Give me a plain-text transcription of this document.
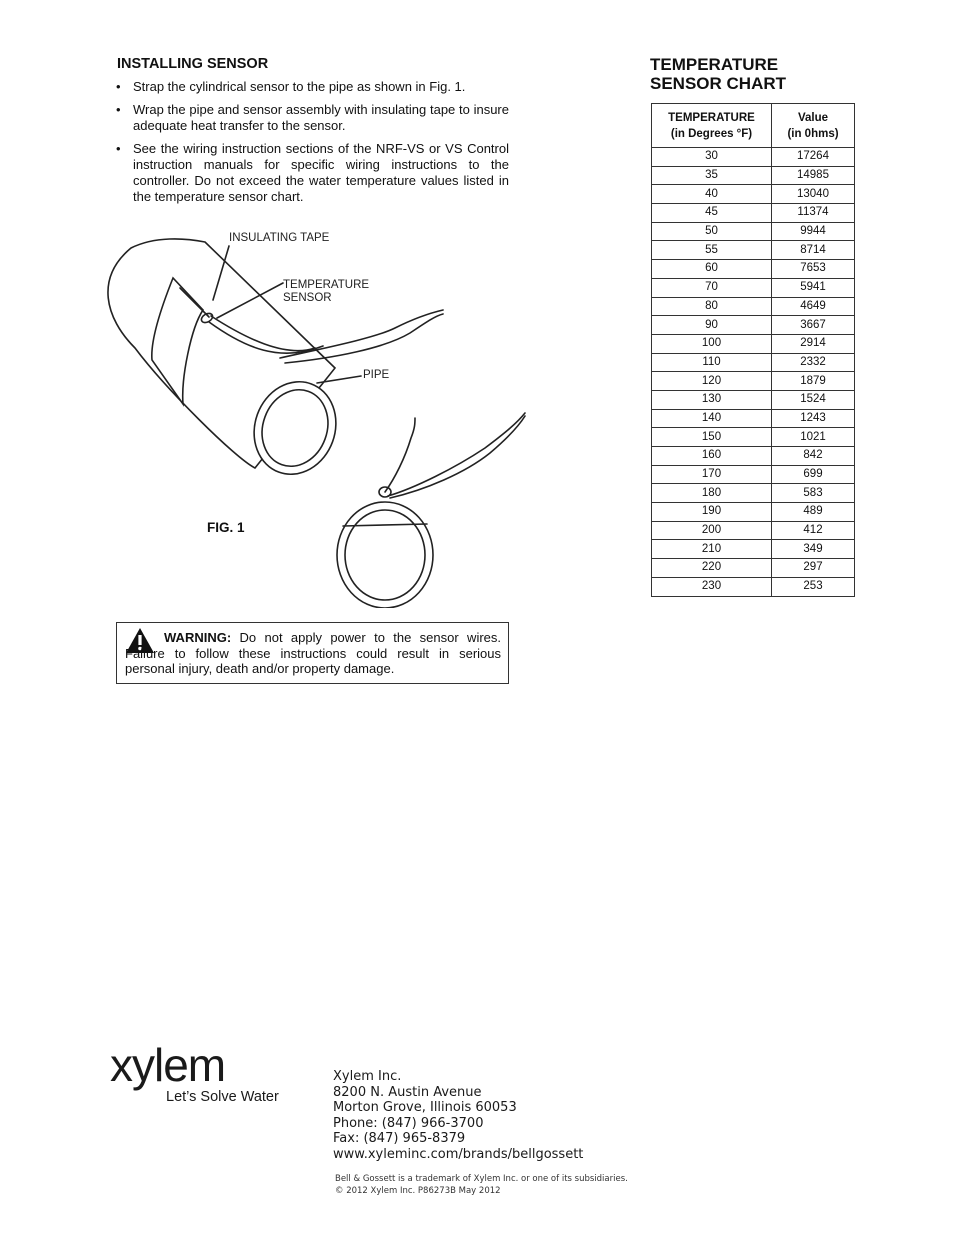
INSTALLING SENSOR
• Strap the cylindrical sensor to the pipe as shown in Fig. 1.
• Wrap the pipe and sensor assembly with insulating tape to insure adequate heat transfer to the sensor.
• See the wiring instruction sections of the NRF-VS or VS Control instruction manuals for specific wiring instructions to the controller. Do not exceed the water temperature values listed in the temperature sensor chart.
INSULATING TAPE
TEMPERATURE
SENSOR
PIPE
FIG. 1
WARNING: Do not apply power to the sensor wires. Failure to follow these instructions could result in serious personal injury, death and/or property damage.
TEMPERATURE
SENSOR CHART
TEMPERATURE
(in Degrees °F)	Value
(in 0hms)
30	17264
35	14985
40	13040
45	11374
50	9944
55	8714
60	7653
70	5941
80	4649
90	3667
100	2914
110	2332
120	1879
130	1524
140	1243
150	1021
160	842
170	699
180	583
190	489
200	412
210	349
220	297
230	253
xylem
Let’s Solve Water
Xylem Inc.
8200 N. Austin Avenue
Morton Grove, Illinois 60053
Phone: (847) 966-3700
Fax: (847) 965-8379
www.xyleminc.com/brands/bellgossett
Bell & Gossett is a trademark of Xylem Inc. or one of its subsidiaries.
© 2012 Xylem Inc. P86273B May 2012
